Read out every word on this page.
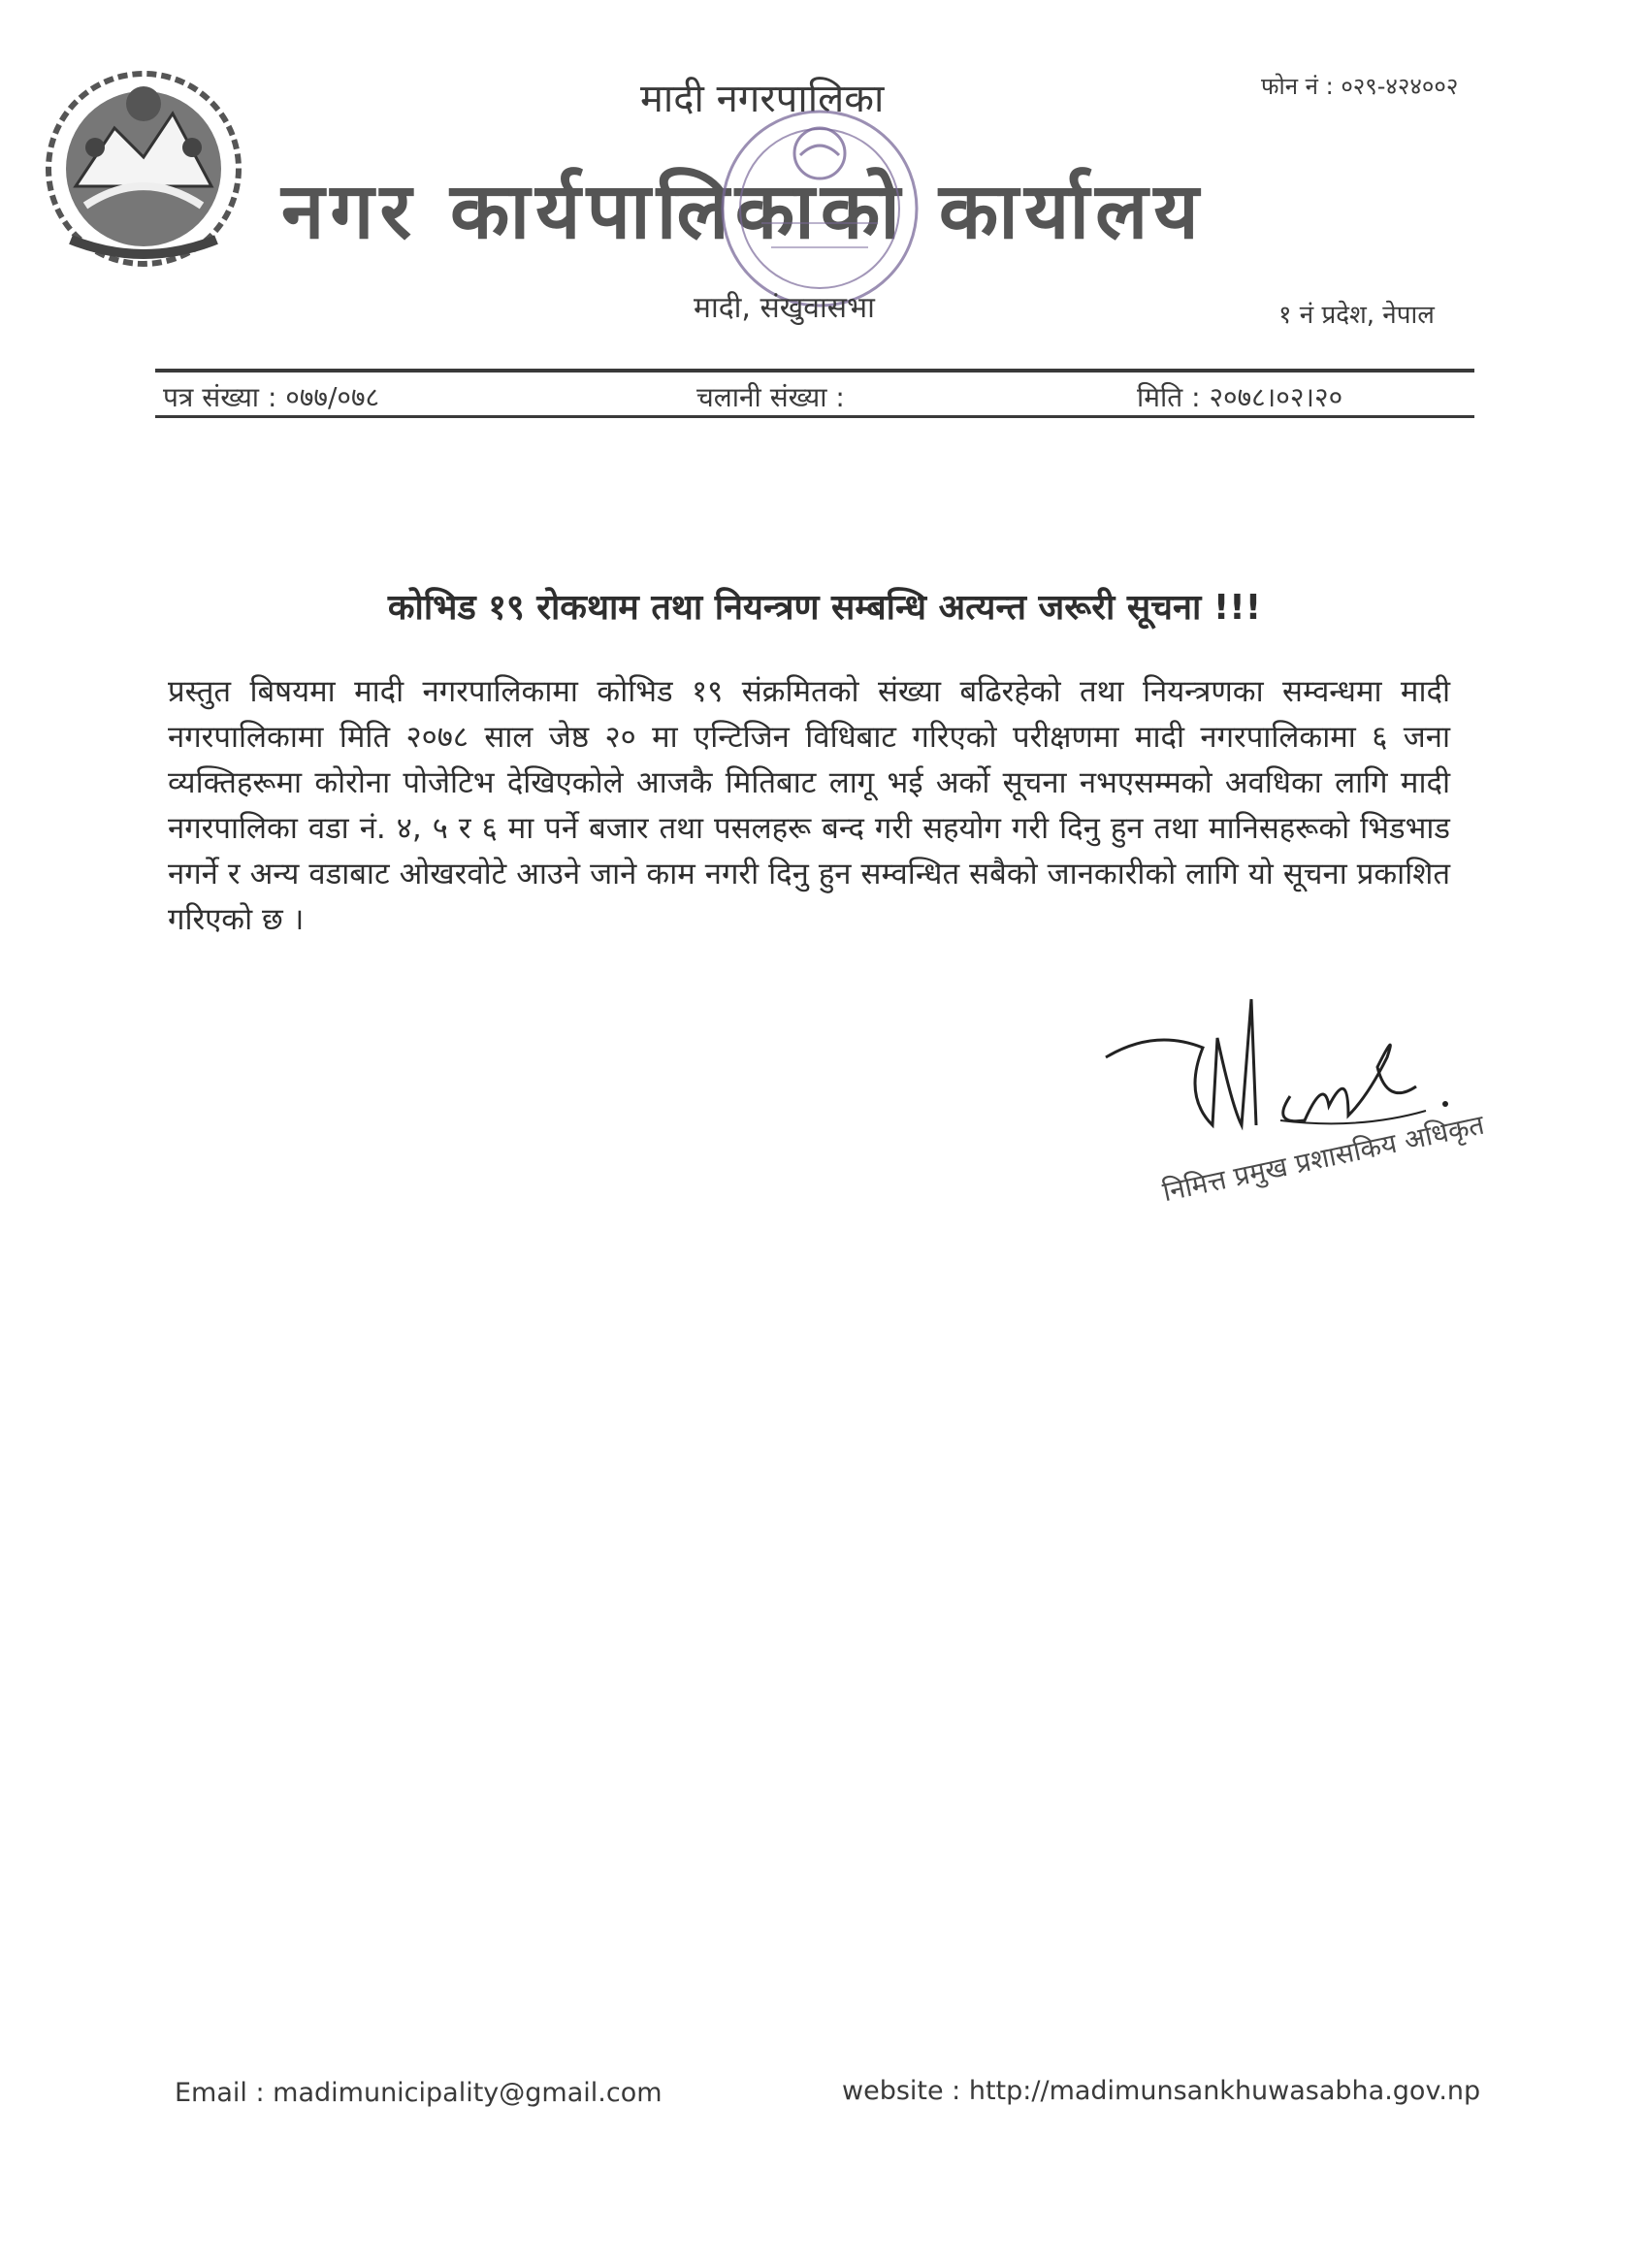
मादी नगरपालिका	फोन नं : ०२९-४२४००२
नगर कार्यपालिकाको कार्यालय
मादी, संखुवासभा	१ नं प्रदेश, नेपाल
पत्र संख्या : ०७७/०७८	चलानी संख्या :	मिति : २०७८।०२।२०
कोभिड १९ रोकथाम तथा नियन्त्रण सम्बन्धि अत्यन्त जरूरी सूचना !!!
प्रस्तुत बिषयमा मादी नगरपालिकामा कोभिड १९ संक्रमितको संख्या बढिरहेको तथा नियन्त्रणका सम्वन्धमा मादी नगरपालिकामा मिति २०७८ साल जेष्ठ २० मा एन्टिजिन विधिबाट गरिएको परीक्षणमा मादी नगरपालिकामा ६ जना व्यक्तिहरूमा कोरोना पोजेटिभ देखिएकोले आजकै मितिबाट लागू भई अर्को सूचना नभएसम्मको अवधिका लागि मादी नगरपालिका वडा नं. ४, ५ र ६ मा पर्ने बजार तथा पसलहरू बन्द गरी सहयोग गरी दिनु हुन तथा मानिसहरूको भिडभाड नगर्ने र अन्य वडाबाट ओखरवोटे आउने जाने काम नगरी दिनु हुन सम्वन्धित सबैको जानकारीको लागि यो सूचना प्रकाशित गरिएको छ ।
निमित्त प्रमुख प्रशासकिय अधिकृत
Email : madimunicipality@gmail.com	website : http://madimunsankhuwasabha.gov.np
